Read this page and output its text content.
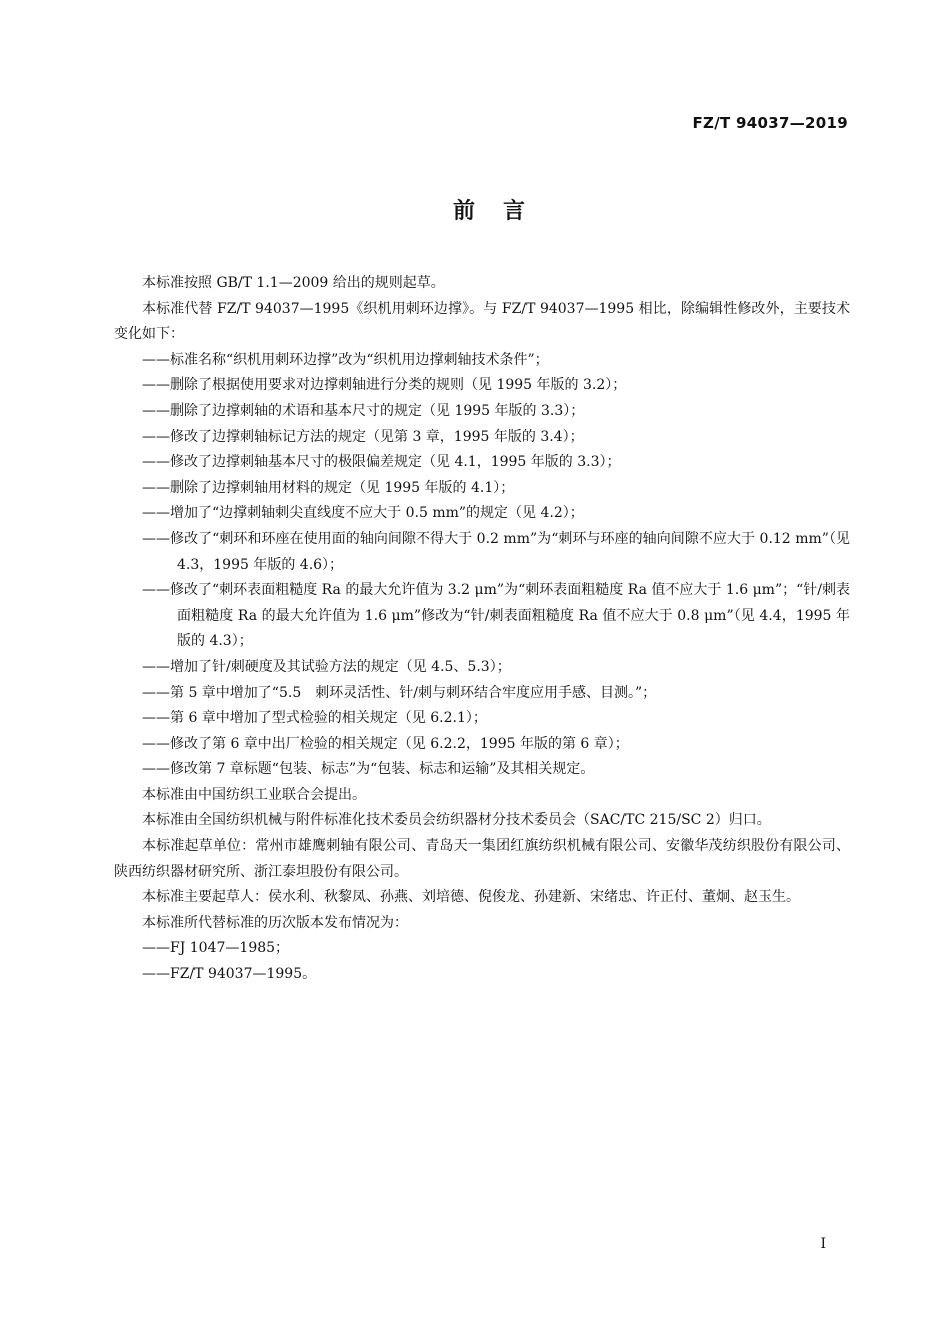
FZ/T 94037—2019
前言

本标准按照 GB/T 1.1—2009 给出的规则起草。

本标准代替 FZ/T 94037—1995《织机用刺环边撑》。与 FZ/T 94037—1995 相比，除编辑性修改外，主要技术变化如下：

——标准名称“织机用刺环边撑”改为“织机用边撑刺轴技术条件”；

——删除了根据使用要求对边撑刺轴进行分类的规则（见 1995 年版的 3.2）；

——删除了边撑刺轴的术语和基本尺寸的规定（见 1995 年版的 3.3）；

——修改了边撑刺轴标记方法的规定（见第 3 章，1995 年版的 3.4）；

——修改了边撑刺轴基本尺寸的极限偏差规定（见 4.1，1995 年版的 3.3）；

——删除了边撑刺轴用材料的规定（见 1995 年版的 4.1）；

——增加了“边撑刺轴刺尖直线度不应大于 0.5 mm”的规定（见 4.2）；

——修改了“刺环和环座在使用面的轴向间隙不得大于 0.2 mm”为“刺环与环座的轴向间隙不应大于 0.12 mm”（见 4.3，1995 年版的 4.6）；

——修改了“刺环表面粗糙度 Ra 的最大允许值为 3.2 μm”为“刺环表面粗糙度 Ra 值不应大于 1.6 μm”；“针/刺表面粗糙度 Ra 的最大允许值为 1.6 μm”修改为“针/刺表面粗糙度 Ra 值不应大于 0.8 μm”（见 4.4，1995 年版的 4.3）；

——增加了针/刺硬度及其试验方法的规定（见 4.5、5.3）；

——第 5 章中增加了“5.5　刺环灵活性、针/刺与刺环结合牢度应用手感、目测。”；

——第 6 章中增加了型式检验的相关规定（见 6.2.1）；

——修改了第 6 章中出厂检验的相关规定（见 6.2.2，1995 年版的第 6 章）；

——修改第 7 章标题“包装、标志”为“包装、标志和运输”及其相关规定。

本标准由中国纺织工业联合会提出。

本标准由全国纺织机械与附件标准化技术委员会纺织器材分技术委员会（SAC/TC 215/SC 2）归口。

本标准起草单位：常州市雄鹰刺轴有限公司、青岛天一集团红旗纺织机械有限公司、安徽华茂纺织股份有限公司、陕西纺织器材研究所、浙江泰坦股份有限公司。

本标准主要起草人：侯水利、秋黎凤、孙燕、刘培德、倪俊龙、孙建新、宋绪忠、许正付、董炯、赵玉生。

本标准所代替标准的历次版本发布情况为：

——FJ 1047—1985；

——FZ/T 94037—1995。

I
